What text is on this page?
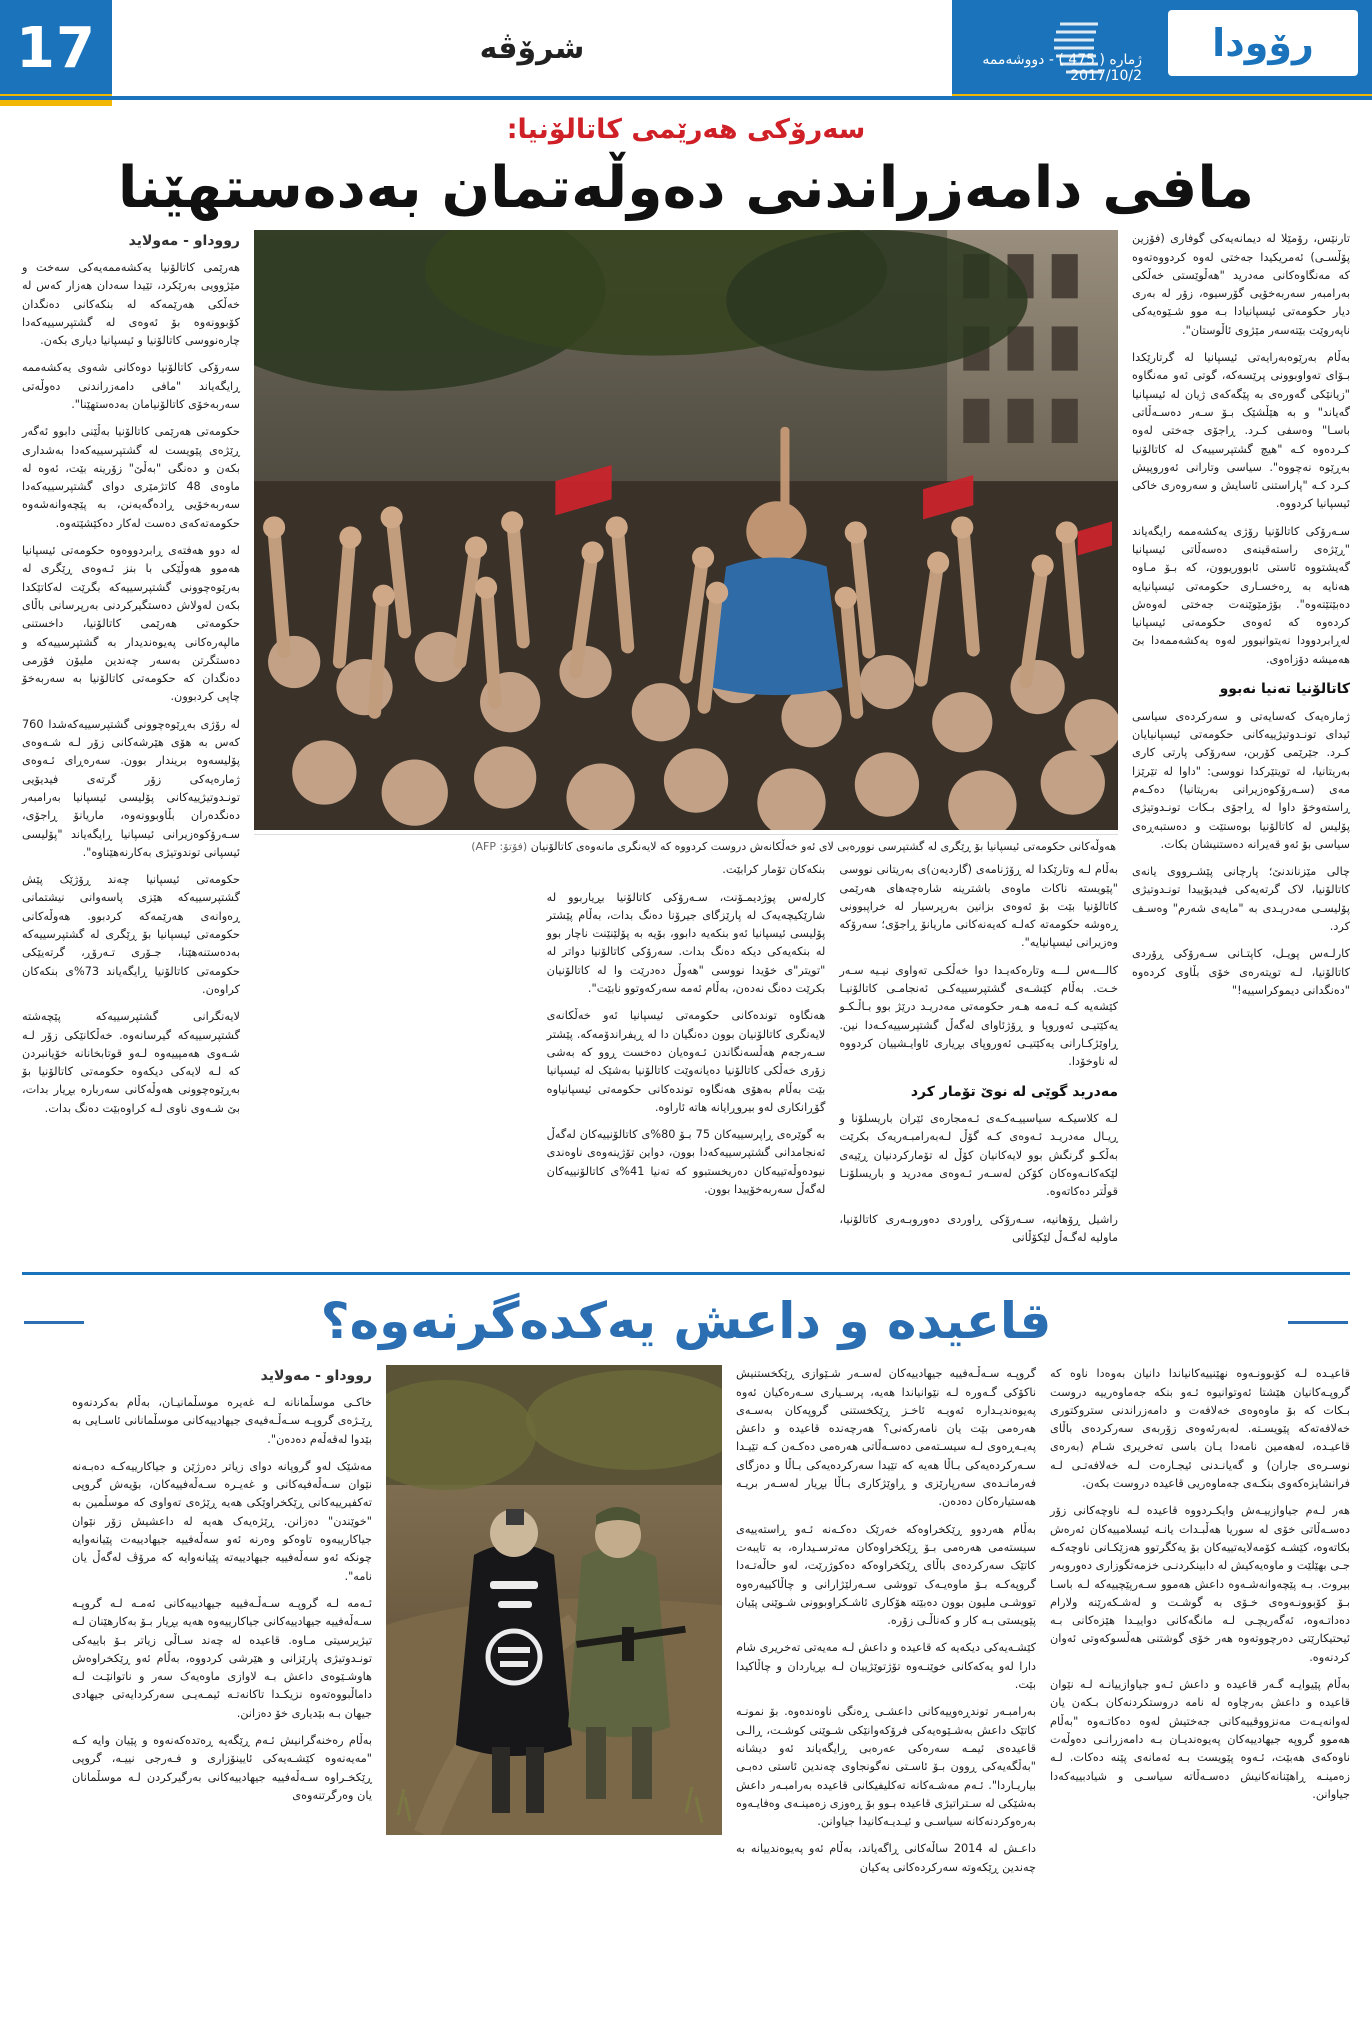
17	شرۆڤە	رۆودا
ژمارە ( 475 ) - دووشەممە 2017/10/2
سەرۆکی هەرێمی کاتالۆنیا:
مافی دامەزراندنی دەوڵەتمان بەدەستهێنا

تارنێس، رۆمێلا لە دیمانەیەکی گوفاری (فۆزین پۆڵسـی) ئەمریکیدا جەختی لەوە کردووەتەوە کە مەنگاوەکانی مەدرید "هەڵوێستی خەڵکی بەرامبەر سەربەخۆیی گۆرسیوە، زۆر لە بەری دیار حکومەتی ئیسپانیادا بـە موو شـێوەیەکی ناپەروێت بێتەسەر مێژوی ئاڵوستان".

بەڵام بەرێوەبەرایەتی ئیسپانیا لە گرتارێکدا بـۆای تەواوبوونی پرێسەکە، گوتی ئەو مەنگاوە "زیانێکی گەورەی بە پێگەکەی ژیان لە ئیسپانیا گەیاند" و بە هێڵشێک بـۆ سـەر دەسـەڵاتی باسـا" وەسفی کـرد. ڕاجۆی جەختی لەوە کـردەوە کـە "هیچ گشتپرسییەک لە کاتالۆنیا بەڕێوە نەچووە". سیاسی وتارانی ئەوروپیش کـرد کـە "پاراستنی ئاسایش و سەروەری خاکی ئیسپانیا کردووە.

سـەرۆکی کاتالۆنیا رۆژی یەکشەممە رایگەیاند "ڕێژەی راستەقینەی دەسەڵاتی ئیسپانیا گەیشتووە ئاستی ئابووریوون، کە بـۆ مـاوە هەنایە بە ڕەخسـاری حکومەتی ئیسپانیایە دەبێتێتەوە". بۆژمێوێنەت جەختی لەوەش کردەوە کە ئەوەی حکومەتی ئیسپانیا لەڕابردوودا نەیتوانیوور لەوە یەکشەممەدا بێ هەمیشە دۆزاەوی.

کاتالۆنیا تەنیا نەبوو

ژمارەیەک کەسایەتی و سەرکردەی سیاسی ئیدای تونـدوتیژییەکانی حکومەتی ئیسپانیایان کـرد. جێرێمی کۆربن، سەرۆکی پارتی کاری بەریتانیا، لە تویتێرکدا نووسی: "داوا لە تێرێزا مەی (سـەرۆکوەزیرانی بەریتانیا) دەکـەم ڕاستەوخۆ داوا لە ڕاجۆی بـکات تونـدوتیژی پۆلیس لە کاتالۆنیا بوەستێت و دەستبەڕەی سیاسی بۆ ئەو قەیرانە دەستنیشان بکات.

چالی مێزناندنێ؛ پارچانی پێشـرووی یانەی کاتالۆنیا، لاک گرتەیەکی فیدیۆییدا تونـدوتیژی پۆلیسـی مەدریـدی بە "مایەی شەرم" وەسـف کرد.

کارلـەس پویـل، کاپتـانی سـەرۆکی ڕۆردی کاتالۆنیا، لـە تویتەرەی خۆی بڵاوی کردەوە "دەنگدانی دیموکراسییە!"

هەوڵەکانی حکومەتی ئیسپانیا بۆ ڕێگری لە گشتپرسی نوورەبی لای ئەو خەڵکانەش دروست کردووە کە لایەنگری مانەوەی کاتالۆنیان (فۆتۆ: AFP)

بەڵام لـە وتارێکدا لە ڕۆژنامەی (گاردیەن)ی بەریتانی نووسی "پێویستە ناکات ماوەی باشترینە شارەچەهای هەرێمی کاتالۆنیا بێت بۆ ئەوەی بزانین بەرپرسیار لە خراپبوونی ڕەوشە حکومەتە کەلـە کەیەنەکانی ماریانۆ ڕاجۆی؛ سەرۆکە وەزیرانی ئیسپانیایە".

کالـــەس لـــە وتارەکەیـدا دوا خەڵکـی تەواوی نیـیە سـەر خـت. بەڵام کێشـەی گشتپرسییەکـی ئەنجامـی کاتالۆنیـا کێشەیە کـە ئـەمە هـەر حکومەتی مەدریـد درێژ بوو بـاڵـکـو یەکێتیـی ئەوروپا و ڕۆژئاوای لەگەڵ گشتپرسییەکـەدا نین. ڕاوێژکـارانی یەکێتیـی ئەوروپای بڕیاری ئاوایـشییان کردووە لە ناوخۆدا.

مەدرید گوێی لە نوێ تۆمار کرد

لـە کلاسیکـە سیاسییـەکـەی ئـەمجارەی ئێران باریسلۆنا و ڕیـال مەدریـد ئـەوەی کـە گۆڵ لـەبەرامبـەریەک بکرێت بەڵکـو گرنگش بوو لایەکانیان کۆڵ لە تۆمارکردنیان ڕێیەی لێکەکانـەوەکان کۆکن لەسـەر ئـەوەی مەدرید و باریسلۆنـا قوڵتر دەکاتەوە.

راشیل ڕۆهانیە، سـەرۆکی ڕاوردی دەوروبـەری کاتالۆنیا، ماولیە لەگـەڵ لێکۆڵانی

بنکەکان تۆمار کرابێت.

کارلەس پوژدیمـۆنت، سـەرۆکی کاتالۆنیا بڕیاربوو لە شارێکیچەیەک لە پارێزگای جیرۆنا دەنگ بدات، بەڵام پێشتر پۆلیسی ئیسپانیا ئەو بنکەیە دابوو، بۆیە بە پۆلێنێنت ناچار بوو لە بنکەیەکی دیکە دەنگ بدات. سەرۆکی کاتالۆنیا دواتر لە "تویتر"ی خۆیدا نووسی "هەوڵ دەدرێت وا لە کاتالۆنیان بکرێت دەنگ نەدەن، بەڵام ئەمە سەرکەوتوو نابێت".

هەنگاوە توندەکانی حکومەتی ئیسپانیا ئەو خەڵکانەی لایەنگری کاتالۆنیان بوون دەنگیان دا لە ڕیفراندۆمەکە. پێشتر سـەرجەم هەڵسەنگاندن ئـەوەیان دەخست ڕوو کە بەشی زۆری خەڵکی کاتالۆنیا دەیانەوێت کاتالۆنیا بەشێک لە ئیسپانیا بێت بەڵام بەهۆی هەنگاوە توندەکانی حکومەتی ئیسپانیاوە گۆڕانکاری لەو بیروڕایانە هاتە ئاراوە.

بە گوێرەی ڕاپرسییەکان 75 بـۆ 80%ی کاتالۆنییەکان لەگەڵ ئەنجامدانی گشتپرسییەکەدا بوون، دواین تۆژینەوەی ناوەندی نیودەوڵەتییەکان دەریخستبوو کە تەنیا 41%ی کاتالۆنییەکان لەگەڵ سەربەخۆییدا بوون.

رووداو - مەولاید

هەرێمی کاتالۆنیا یەکشەممەیەکی سەخت و مێژوویی بەرێکرد، تێیدا سەدان هەزار کەس لە خەڵکی هەرێمەکە لە بنکەکانی دەنگدان کۆبوونەوە بۆ ئەوەی لە گشتپرسییەکەدا چارەنووسی کاتالۆنیا و ئیسپانیا دیاری بکەن.

سەرۆکی کاتالۆنیا دوەکانی شەوی یەکشەممە ڕایگەیاند "مافی دامەزراندنی دەوڵەتی سەربەخۆی کاتالۆنیامان بەدەستهێنا".

حکومەتی هەرێمی کاتالۆنیا بەڵێنی دابوو ئەگەر ڕێژەی پێویست لە گشتپرسییەکەدا بەشداری بکەن و دەنگی "بەڵێ" زۆرینە بێت، ئەوە لە ماوەی 48 کاتژمێری دوای گشتپرسییەکەدا سەربەخۆیی ڕادەگەیەنن، بە پێچەوانەشەوە حکومەتەکەی دەست لەکار دەکێشێتەوە.

لە دوو هەفتەی ڕابردووەوە حکومەتی ئیسپانیا هەموو هەوڵێکی با بنز ئـەوەی ڕێگری لە بەرێوەچوونی گشتپرسییەکە بگرێت لەکاتێکدا بکەن لەولاش دەستگیرکردنی بەرپرسانی باڵای حکومەتی هەرێمی کاتالۆنیا، داخستنی مالپەرەکانی پەیوەندیدار بە گشتپرسییەکە و دەستگرتن بەسەر چەندین ملیۆن فۆرمی دەنگدان کە حکومەتی کاتالۆنیا بە سەربەخۆ چاپی کردبوون.

لە رۆژی بەڕێوەچوونی گشتپرسییەکەشدا 760 کەس بە هۆی هێرشەکانی زۆر لـە شـەوەی پۆلیسەوە بریندار بوون. سەرەڕای ئـەوەی ژمارەیەکی زۆر گرتەی فیدیۆیی تونـدوتیژییەکانی پۆلیسی ئیسپانیا بەرامبەر دەنگدەران بڵاوبوونەوە، ماریانۆ ڕاجۆی، سـەرۆکوەزیرانی ئیسپانیا ڕایگەیاند "پۆلیسی ئیسپانی توندوتیژی بەکارنەهێناوە".

حکومەتی ئیسپانیا چەند ڕۆژێک پێش گشتپرسییەکە هێزی پاسەوانی نیشتمانی ڕەوانەی هەرێمەکە کردبوو. هەوڵەکانی حکومەتی ئیسپانیا بۆ ڕێگری لە گشتپرسییەکە بەدەستنەهێنا، جـۆری تـەرۆڕ، گرتەیێکی حکومەتی کاتالۆنیا ڕایگەیاند 73%ی بنکەکان کراوەن.

لایەنگرانی گشتپرسییەکە پێچەشتە گشتپرسییەکە گیرسانەوە. خەڵکانێکی زۆر لـە شـەوی هەمپییەوە لـەو قوتابخانانە خۆیانبردن کە لـە لایەکی دیکەوە حکومەتی کاتالۆنیا بۆ بەڕێوەچوونی هەوڵەکانی سەربارە بڕیار بدات، بێ شـەوی ناوی لـە کراوەبێت دەنگ بدات.

قاعیدە و داعش یەکدەگرنەوە؟

قاعیـدە لـە کۆبوونـەوە نهێنییەکانیاندا دانیان بەوەدا ناوە کە گروپـەکانیان هێشتا ئەوتوانیوە ئـەو بنکە جەماوەرییە دروست بـکات کە بۆ ماوەوەی خەلافەت و دامەزراندنی ستروکتوری خەلافەتەکە پێویسـتە. لەبەرئەوەی زۆربەی سەرکردەی باڵای قاعیـدە، لەهەمین نامەدا یـان باسی تەخریری شـام (بەرەی نوسـرەی جاران) و گەیانـدنی ئیجـارەت لـە خەلافەتـی لـە فرانشایزەکەوی بنکـەی جەماوەریی قاعیدە دروست بکەن.

هەر لـەم جیاوازییـەش وایکـردووە قاعیدە لـە ناوچەکانی زۆر دەسـەڵاتی خۆی لە سوریا هەڵبـدات یانـە ئیسلامییەکان ئەرەش بکاتەوە، کێشـە کۆمەلایەتییەکان بۆ یەکگرتوو هەزێکـانی ناوچەکـە جـی بهێلێت و ماوەیەکیش لە دابینکردنـی خزمەتگوزاری دەوروبەر بیروت. بـە پێچەوانەشـەوە داعش هەموو سـەرپێچییەکە لـە باسـا بـۆ کۆبوونـەوەی خـۆی بە گوشـت و لەشـکەرێنە ولارام دەداتـەوە، ئەگەریچـی لـە مانگەکانی دواییـدا هێزەکانی بـە ئیحتیکارێتی دەرچووتەوە هەر خۆی گوشتنی هەڵسوکەوتی ئەوان کردنەوە.

بەڵام پێیوایـە گـەر قاعیدە و داعش ئـەو جیاوازییانـە لـە نێوان قاعیدە و داعش بەرچاوە لە نامە دروستکردنەکان بـکەن یان لەوانەیـەت مەنزووقییەکانی جەختیش لەوە دەکاتـەوە "بەڵام هەموو گروپە جیهادییەکان پەیوەندیـان بـە دامەزرانـی دەوڵەت ناوەکەی هەبێت، ئـەوە پێویست بـە ئەمانەی پێنە دەکات. لـە زەمینـە ڕاهێنانەکانیش دەسـەڵاتە سیاسـی و شیادبییەکەدا جیاوانن.

گروپـە سـەڵـەفییە جیهادییەکان لەسـەر شـێوازی ڕێکخستنیش ناکۆکی گـەورە لـە نێوانیاندا هەیە، پرسـیاری سـەرەکیان ئەوە پەیوەندیـدارە ئەویـە ئاخـز ڕێکخستنی گروپەکان بەسـەی هەرەمی بێت یان نامەرکەنی؟ هەرچەندە قاعیدە و داعش پەیـەڕەوی لـە سیسـتەمی دەسـەڵاتی هەرەمی دەکـەن کـە تێیـدا سـەرکردەیەکی بـاڵا هەیە کە تێیدا سەرکردەیەکی بـاڵا و دەزگای فەرمانـدەی سەرپارێزی و ڕاوێژکاری بـاڵا بڕیار لەسـەر بریـە هەستیارەکان دەدەن.

بەڵام هەردوو ڕێکخراوەکە خەرێک دەکـەنە ئـەو ڕاستەییەی سیستەمی هەرەمی بـۆ ڕێکخراوەکان مەترسـیدارە، بە تایبەت کاتێک سەرکردەی باڵای ڕێکخراوەکە دەکوژرێت، لەو حاڵەتـەدا گروپەکـە بـۆ ماوەیـەک تووشی سـەرلێژارانی و چاڵاکییەرەوە تووشـی ملیون بوون دەبێتە هۆکاری ئاشـکراوبوونی شـوێنی پێیان پێویستی بـە کار و کەناڵـی زۆرە.

کێشـەیەکی دیکەیە کە قاعیدە و داعش لـە مەیەتی تەخریری شام دارا لەو یەکەکانی خوێنـەوە تۆژتوێژییان لـە بڕیاردان و چاڵاکیدا بێت.

بەرامبـەر توندڕەوییەکانی داعشـی ڕەنگی ناوەندەوە. بۆ نمونـە کاتێک داعش بەشـێوەیەکی فرۆکەوانێکی شـوێنی کوشـت، ڕالـی قاعیدەی ئیمـە سەرەکی عەرەبی ڕایگەیاند ئەو دیشانە "بەڵگەیەکی ڕوون بـۆ ئاسـتی نەگونجاوی چەندین ئاستی دەبـی بیاریـاردا". ئـەم مەشـەکانە تەکلیفیکانی قاعیدە بەرامبـەر داعش بەشێکی لە سـتراتیژی قاعیدە بـوو بۆ ڕەوزی زەمینـەی وەفایـەوە بەرەوکردنەکانە سیاسـی و ئیـدیـەکانیدا جیاوانن.

داعـش لە 2014 ساڵەکانی ڕاگەیاند، بەڵام ئەو پەیوەندییانە بە چەندین ڕێکەوتە سەرکردەکانی یەکیان

رووداو - مەولاید

خاکـی موسڵمانانە لـە غەیرە موسڵمانیـان، بەڵام بەکردنەوە ڕێـژەی گروپـە سـەڵـەفیەی جیهادییەکانی موسڵمانانی ئاسـایی بە بێدوا لەقەڵەم دەدەن".

مەشێک لەو گروپانە دوای زیاتر دەرژێن و جیاکارییەکـە دەبـەنە نێوان سـەڵەفیەکانی و غەیـرە سـەڵەفییەکان، بۆیەش گروپی تەکفیرییەکانی ڕێکخراوێکی هەیە ڕێژەی تەواوی کە موسڵمین بە "خوێندن" دەزانن. ڕێژەیەک هەیە لە داعشیش زۆر نێوان جیاکارییەوە تاوەکو وەرنە ئەو سەڵەفییە جیهادییەت پێیانەوایە چونکە ئەو سەڵەفییە جیهادییەتە پێیانەوایە کە مرۆڤ لەگەڵ یان نامە".

ئـەمە لـە گروپـە سـەڵـەفییە جیهادییەکانی ئەمـە لـە گروپـە سـەڵەفییە جیهادییەکانی جیاکارییەوە هەیە بڕیار بـۆ بەکارهێنان لـە تیژیرسیتی مـاوە. قاعیدە لە چەند سـاڵی زیاتر بـۆ باییەکی تونـدوتیژی پارێزانی و هێرشی کردووە، بەڵام ئەو ڕێکخراوەش هاوشـێوەی داعش بـە لاوازی ماوەیەک سەر و ناتوانێـت لـە داماڵبووەتەوە نزیکـدا تاکانەتـە ئیمـەیـی سەرکردایەتی جیهادی جیهان بـە بێدیاری خۆ دەزانن.

بەڵام رەخنەگرانیش ئـەم ڕێگەیە ڕەتدەکەنەوە و پێیان وایە کـە "مەیەنەوە کێشـەیەکی ئایینۆزاری و فـەرجی نییـە، گروپی ڕێکخـراوە سـەڵەفییە جیهادییەکانی بەرگیرکردن لـە موسڵمانان یان وەرگرتنەوەی
